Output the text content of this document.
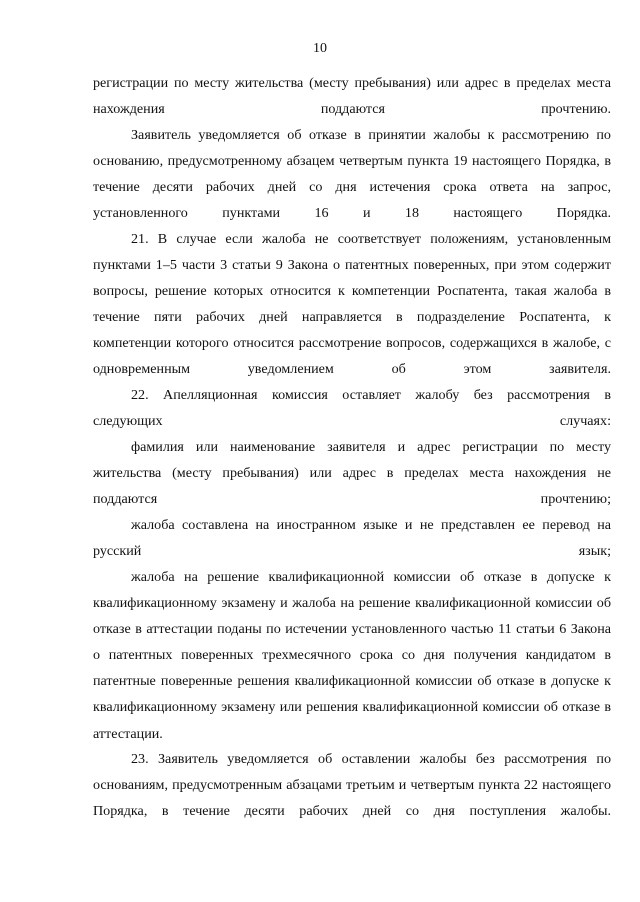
10

регистрации по месту жительства (месту пребывания) или адрес в пределах места нахождения поддаются прочтению.

Заявитель уведомляется об отказе в принятии жалобы к рассмотрению по основанию, предусмотренному абзацем четвертым пункта 19 настоящего Порядка, в течение десяти рабочих дней со дня истечения срока ответа на запрос, установленного пунктами 16 и 18 настоящего Порядка.

21. В случае если жалоба не соответствует положениям, установленным пунктами 1–5 части 3 статьи 9 Закона о патентных поверенных, при этом содержит вопросы, решение которых относится к компетенции Роспатента, такая жалоба в течение пяти рабочих дней направляется в подразделение Роспатента, к компетенции которого относится рассмотрение вопросов, содержащихся в жалобе, с одновременным уведомлением об этом заявителя.

22. Апелляционная комиссия оставляет жалобу без рассмотрения в следующих случаях:

фамилия или наименование заявителя и адрес регистрации по месту жительства (месту пребывания) или адрес в пределах места нахождения не поддаются прочтению;

жалоба составлена на иностранном языке и не представлен ее перевод на русский язык;

жалоба на решение квалификационной комиссии об отказе в допуске к квалификационному экзамену и жалоба на решение квалификационной комиссии об отказе в аттестации поданы по истечении установленного частью 11 статьи 6 Закона о патентных поверенных трехмесячного срока со дня получения кандидатом в патентные поверенные решения квалификационной комиссии об отказе в допуске к квалификационному экзамену или решения квалификационной комиссии об отказе в аттестации.

23. Заявитель уведомляется об оставлении жалобы без рассмотрения по основаниям, предусмотренным абзацами третьим и четвертым пункта 22 настоящего Порядка, в течение десяти рабочих дней со дня поступления жалобы.
